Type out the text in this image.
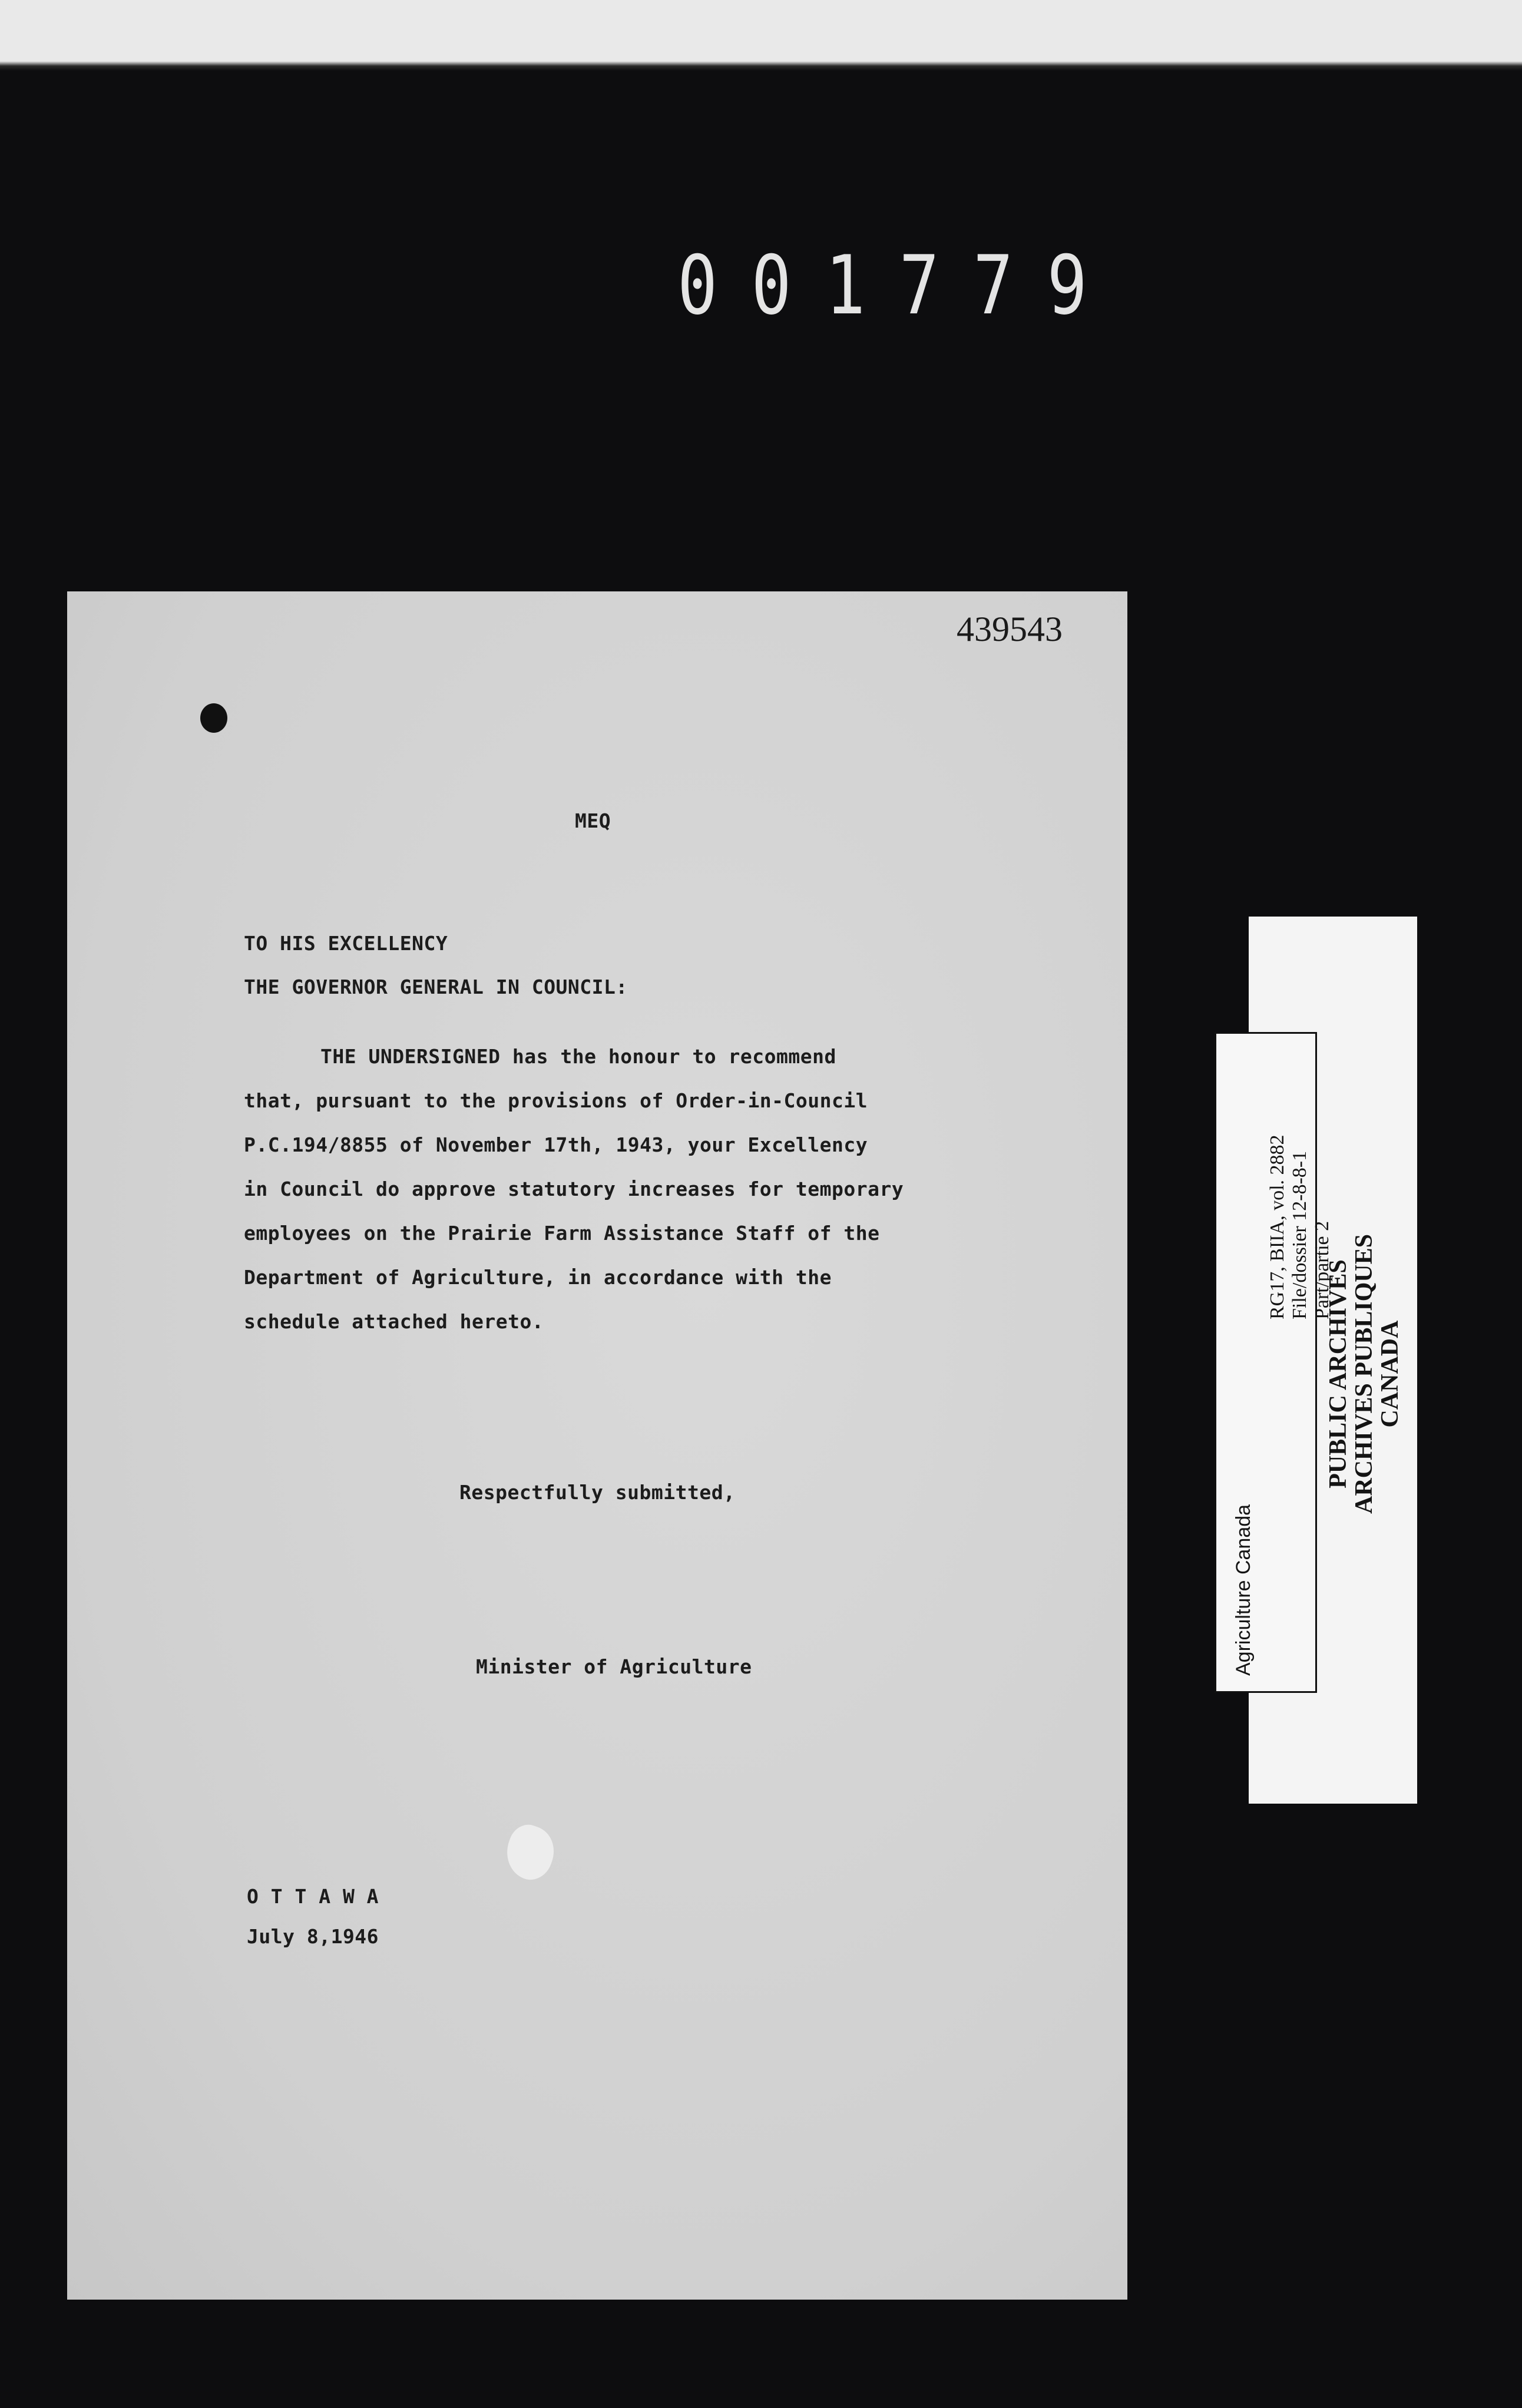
001779
439543
MEQ
TO HIS EXCELLENCY
THE GOVERNOR GENERAL IN COUNCIL:
THE UNDERSIGNED has the honour to recommend
that, pursuant to the provisions of Order-in-Council
P.C.194/8855 of November 17th, 1943, your Excellency
in Council do approve statutory increases for temporary
employees on the Prairie Farm Assistance Staff of the
Department of Agriculture, in accordance with the
schedule attached hereto.
Respectfully submitted,
Minister of Agriculture
O T T A W A
July 8,1946
Agriculture Canada
RG17, BIIA, vol. 2882 File/dossier 12-8-8-1 Part/partie 2
PUBLIC ARCHIVES
ARCHIVES PUBLIQUES
CANADA
